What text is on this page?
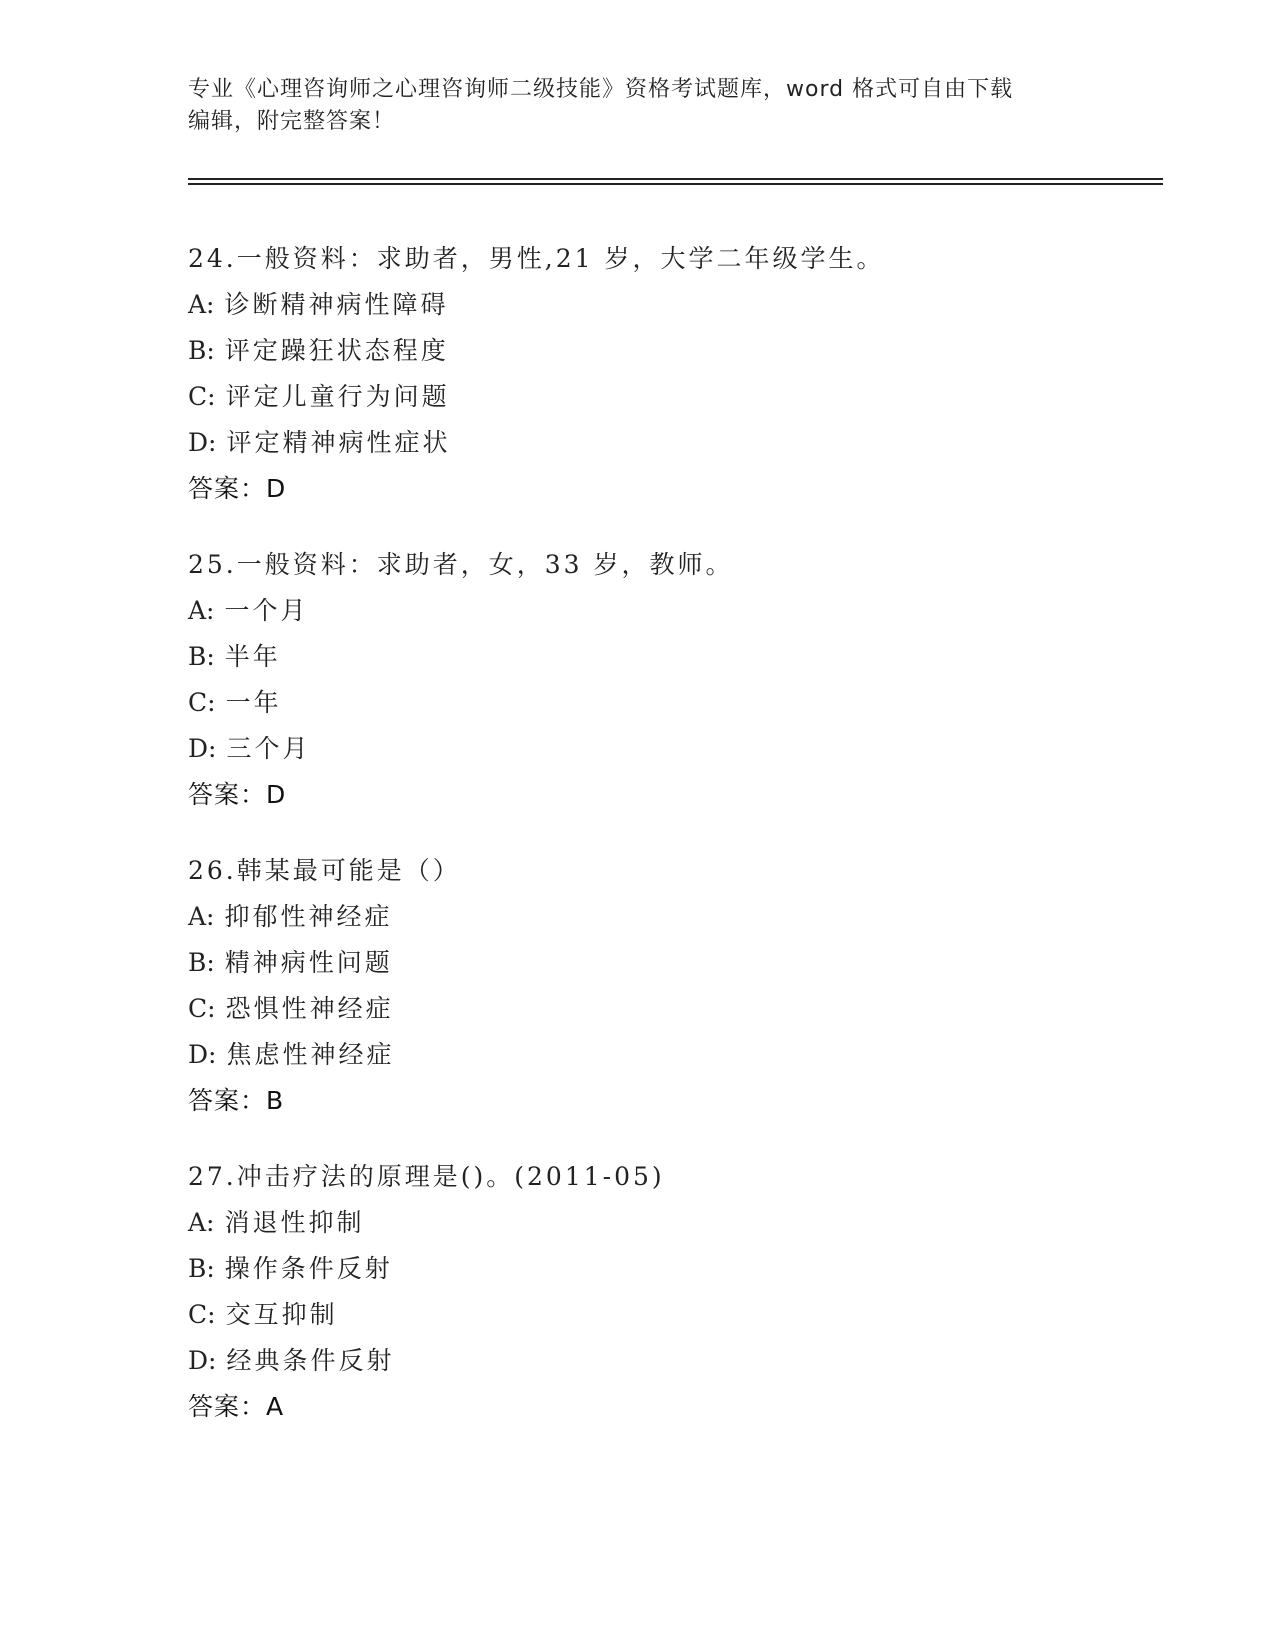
专业《心理咨询师之心理咨询师二级技能》资格考试题库，word 格式可自由下载
编辑，附完整答案！
24.一般资料：求助者，男性,21 岁，大学二年级学生。
A: 诊断精神病性障碍
B: 评定躁狂状态程度
C: 评定儿童行为问题
D: 评定精神病性症状
答案：D
25.一般资料：求助者，女，33 岁，教师。
A: 一个月
B: 半年
C: 一年
D: 三个月
答案：D
26.韩某最可能是（）
A: 抑郁性神经症
B: 精神病性问题
C: 恐惧性神经症
D: 焦虑性神经症
答案：B
27.冲击疗法的原理是()。(2011-05)
A: 消退性抑制
B: 操作条件反射
C: 交互抑制
D: 经典条件反射
答案：A
